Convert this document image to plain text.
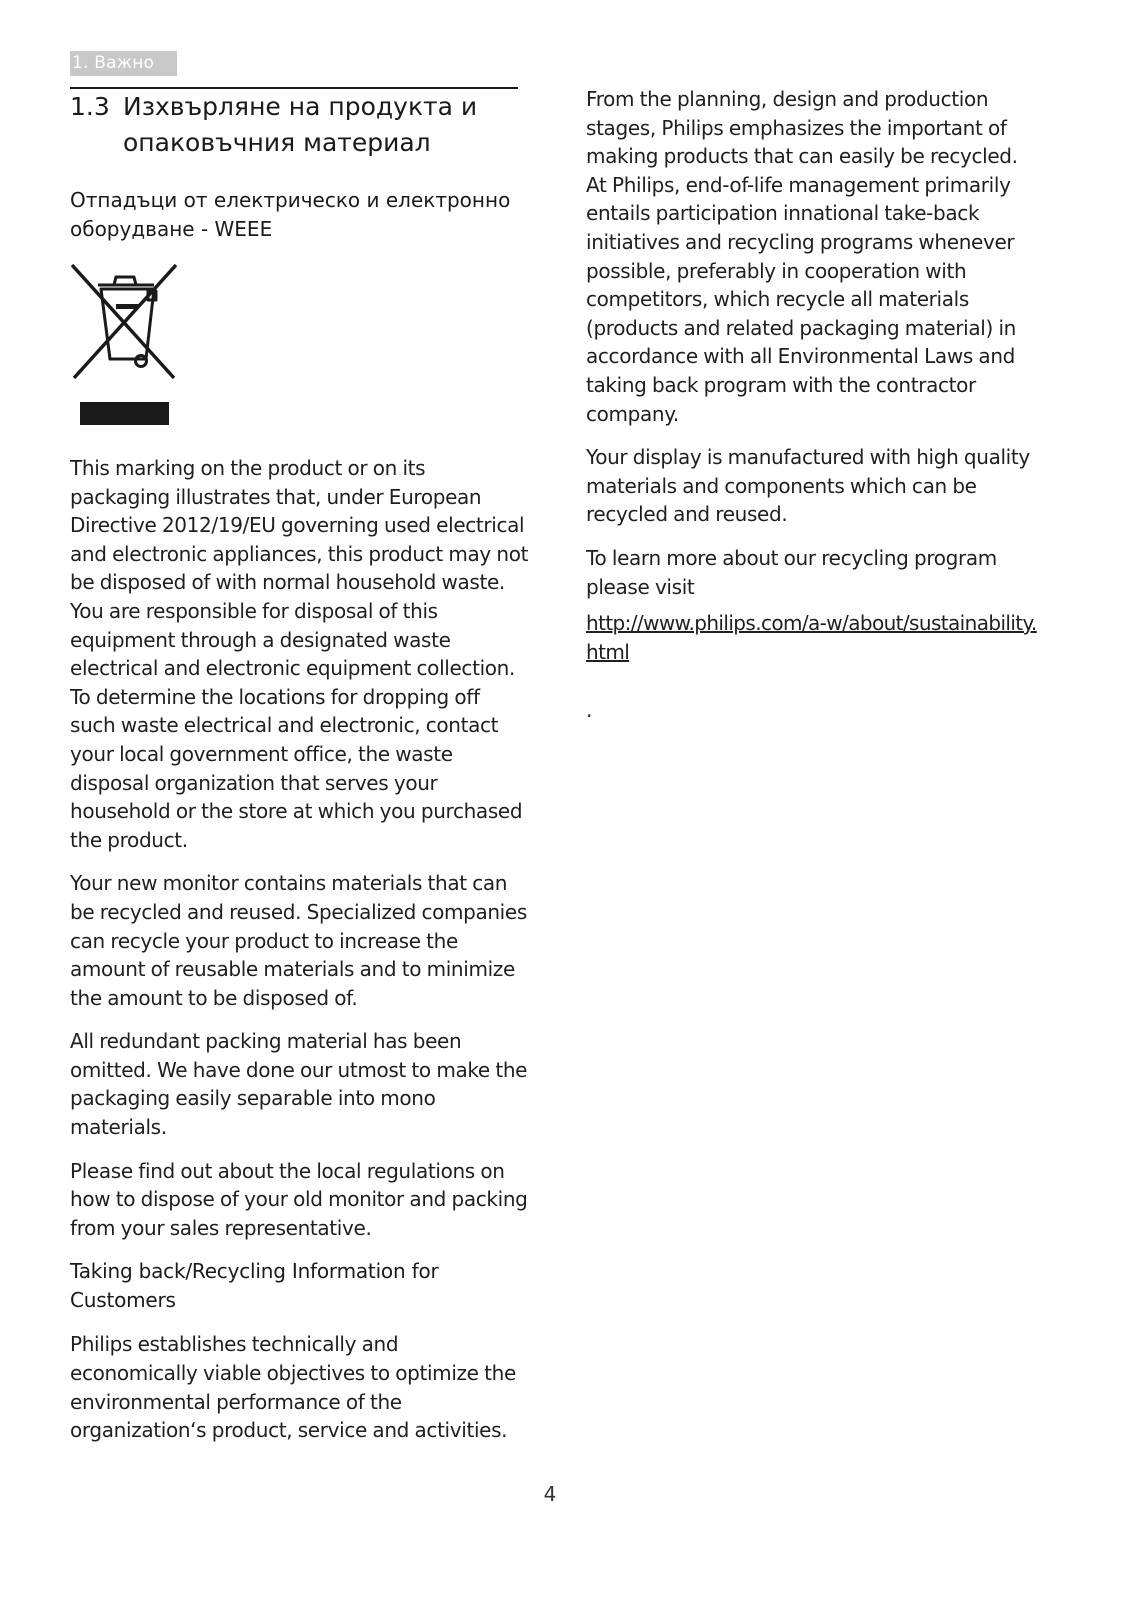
1. Важно
1.3 Изхвърляне на продукта и опаковъчния материал
Отпадъци от електрическо и електронно оборудване - WEEE

This marking on the product or on its packaging illustrates that, under European Directive 2012/19/EU governing used electrical and electronic appliances, this product may not be disposed of with normal household waste. You are responsible for disposal of this equipment through a designated waste electrical and electronic equipment collection. To determine the locations for dropping off such waste electrical and electronic, contact your local government office, the waste disposal organization that serves your household or the store at which you purchased the product.

Your new monitor contains materials that can be recycled and reused. Specialized companies can recycle your product to increase the amount of reusable materials and to minimize the amount to be disposed of.

All redundant packing material has been omitted. We have done our utmost to make the packaging easily separable into mono materials.

Please find out about the local regulations on how to dispose of your old monitor and packing from your sales representative.

Taking back/Recycling Information for Customers

Philips establishes technically and economically viable objectives to optimize the environmental performance of the organization‘s product, service and activities.

From the planning, design and production stages, Philips emphasizes the important of making products that can easily be recycled. At Philips, end-of-life management primarily entails participation innational take-back initiatives and recycling programs whenever possible, preferably in cooperation with competitors, which recycle all materials (products and related packaging material) in accordance with all Environmental Laws and taking back program with the contractor company.

Your display is manufactured with high quality materials and components which can be recycled and reused.

To learn more about our recycling program please visit

http://www.philips.com/a-w/about/sustainability.html
.
4
